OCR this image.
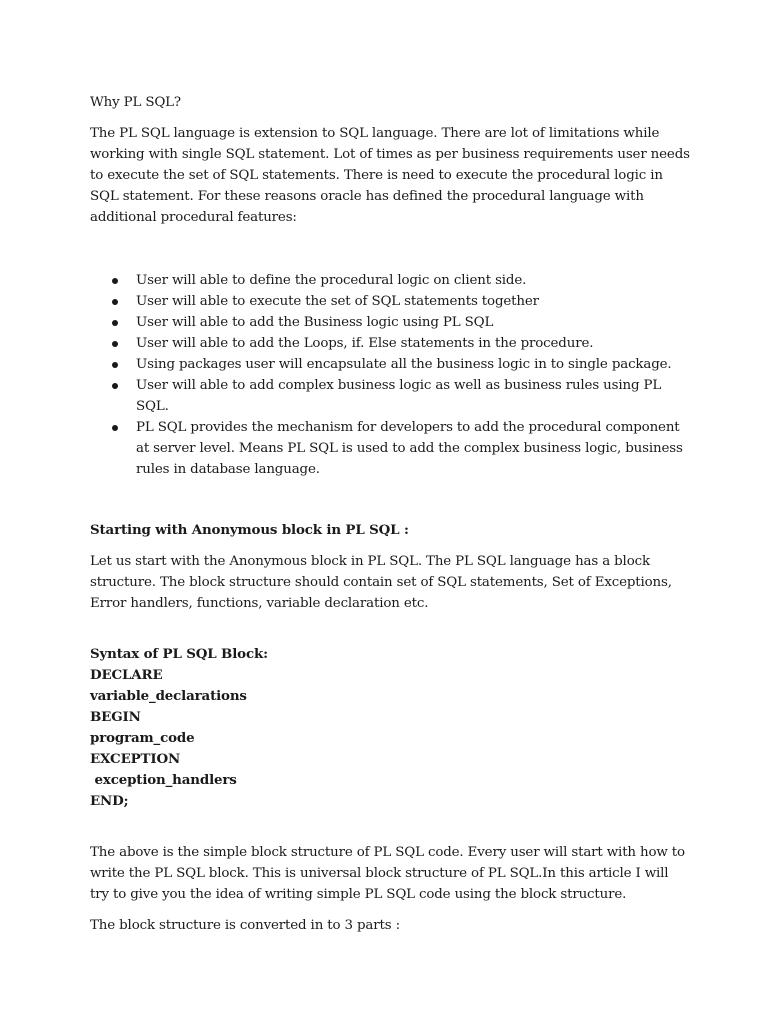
Why PL SQL?

The PL SQL language is extension to SQL language. There are lot of limitations while working with single SQL statement. Lot of times as per business requirements user needs to execute the set of SQL statements. There is need to execute the procedural logic in SQL statement. For these reasons oracle has defined the procedural language with additional procedural features:

User will able to define the procedural logic on client side.
User will able to execute the set of SQL statements together
User will able to add the Business logic using PL SQL
User will able to add the Loops, if. Else statements in the procedure.
Using packages user will encapsulate all the business logic in to single package.
User will able to add complex business logic as well as business rules using PL SQL.
PL SQL provides the mechanism for developers to add the procedural component at server level. Means PL SQL is used to add the complex business logic, business rules in database language.

Starting with Anonymous block in PL SQL :

Let us start with the Anonymous block in PL SQL. The PL SQL language has a block structure. The block structure should contain set of SQL statements, Set of Exceptions, Error handlers, functions, variable declaration etc.

Syntax of PL SQL Block:
DECLARE
variable_declarations
BEGIN
program_code
EXCEPTION
exception_handlers
END;

The above is the simple block structure of PL SQL code. Every user will start with how to write the PL SQL block. This is universal block structure of PL SQL.In this article I will try to give you the idea of writing simple PL SQL code using the block structure.

The block structure is converted in to 3 parts :
